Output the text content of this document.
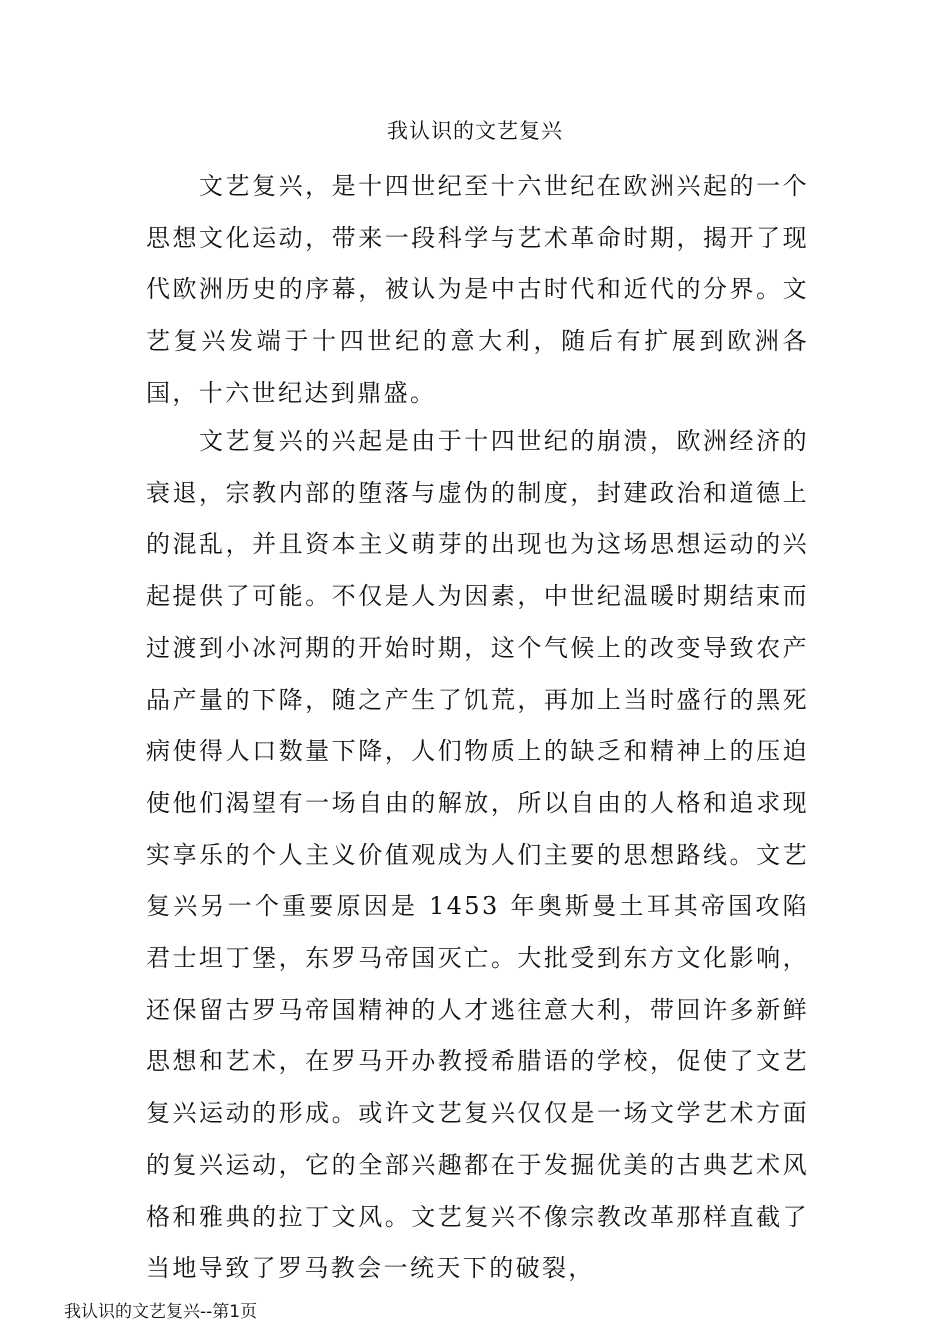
我认识的文艺复兴

文艺复兴，是十四世纪至十六世纪在欧洲兴起的一个思想文化运动，带来一段科学与艺术革命时期，揭开了现代欧洲历史的序幕，被认为是中古时代和近代的分界。文艺复兴发端于十四世纪的意大利，随后有扩展到欧洲各国，十六世纪达到鼎盛。

文艺复兴的兴起是由于十四世纪的崩溃，欧洲经济的衰退，宗教内部的堕落与虚伪的制度，封建政治和道德上的混乱，并且资本主义萌芽的出现也为这场思想运动的兴起提供了可能。不仅是人为因素，中世纪温暖时期结束而过渡到小冰河期的开始时期，这个气候上的改变导致农产品产量的下降，随之产生了饥荒，再加上当时盛行的黑死病使得人口数量下降，人们物质上的缺乏和精神上的压迫使他们渴望有一场自由的解放，所以自由的人格和追求现实享乐的个人主义价值观成为人们主要的思想路线。文艺复兴另一个重要原因是 1453 年奥斯曼土耳其帝国攻陷君士坦丁堡，东罗马帝国灭亡。大批受到东方文化影响，还保留古罗马帝国精神的人才逃往意大利，带回许多新鲜思想和艺术，在罗马开办教授希腊语的学校，促使了文艺复兴运动的形成。或许文艺复兴仅仅是一场文学艺术方面的复兴运动，它的全部兴趣都在于发掘优美的古典艺术风格和雅典的拉丁文风。文艺复兴不像宗教改革那样直截了当地导致了罗马教会一统天下的破裂，

我认识的文艺复兴--第1页
